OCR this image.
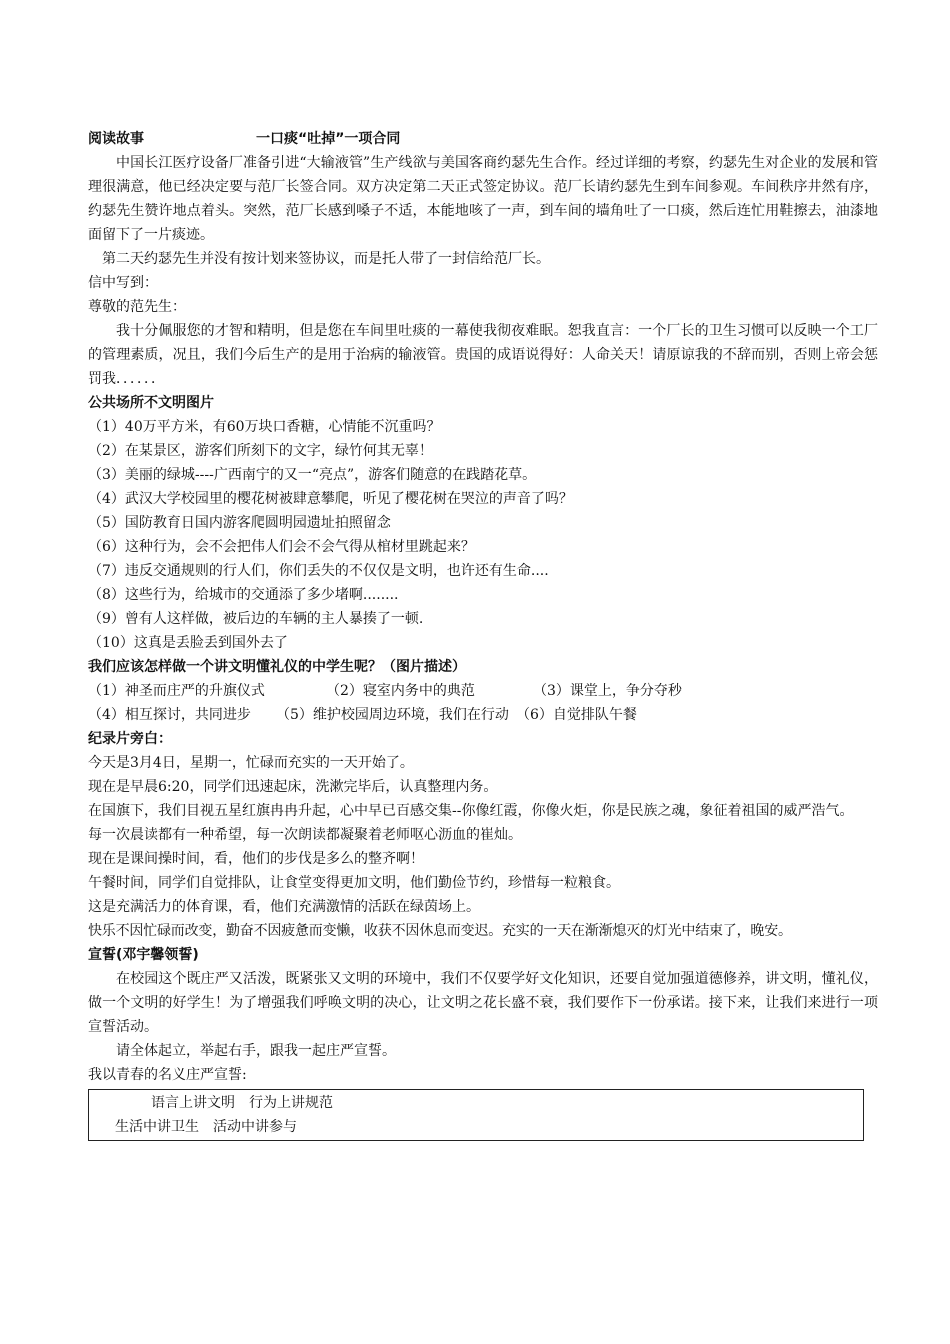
阅读故事	一口痰“吐掉”一项合同
中国长江医疗设备厂准备引进“大输液管”生产线欲与美国客商约瑟先生合作。经过详细的考察，约瑟先生对企业的发展和管理很满意，他已经决定要与范厂长签合同。双方决定第二天正式签定协议。范厂长请约瑟先生到车间参观。车间秩序井然有序，约瑟先生赞许地点着头。突然，范厂长感到嗓子不适，本能地咳了一声，到车间的墙角吐了一口痰，然后连忙用鞋擦去，油漆地面留下了一片痰迹。
第二天约瑟先生并没有按计划来签协议，而是托人带了一封信给范厂长。
信中写到：
尊敬的范先生：
我十分佩服您的才智和精明，但是您在车间里吐痰的一幕使我彻夜难眠。恕我直言：一个厂长的卫生习惯可以反映一个工厂的管理素质，况且，我们今后生产的是用于治病的输液管。贵国的成语说得好：人命关天！请原谅我的不辞而别，否则上帝会惩罚我．．．．．．
公共场所不文明图片
（1）40万平方米，有60万块口香糖，心情能不沉重吗？
（2）在某景区，游客们所刻下的文字，绿竹何其无辜！
（3）美丽的绿城----广西南宁的又一“亮点”，游客们随意的在践踏花草。
（4）武汉大学校园里的樱花树被肆意攀爬，听见了樱花树在哭泣的声音了吗？
（5）国防教育日国内游客爬圆明园遗址拍照留念
（6）这种行为，会不会把伟人们会不会气得从棺材里跳起来？
（7）违反交通规则的行人们，你们丢失的不仅仅是文明，也许还有生命....
（8）这些行为，给城市的交通添了多少堵啊........
（9）曾有人这样做，被后边的车辆的主人暴揍了一顿.
（10）这真是丢脸丢到国外去了
我们应该怎样做一个讲文明懂礼仪的中学生呢？（图片描述）
（1）神圣而庄严的升旗仪式	（2）寝室内务中的典范	（3）课堂上，争分夺秒
（4）相互探讨，共同进步	（5）维护校园周边环境，我们在行动 （6）自觉排队午餐
纪录片旁白：
今天是3月4日，星期一，忙碌而充实的一天开始了。
现在是早晨6:20，同学们迅速起床，洗漱完毕后，认真整理内务。
在国旗下，我们目视五星红旗冉冉升起，心中早已百感交集--你像红霞，你像火炬，你是民族之魂，象征着祖国的威严浩气。
每一次晨读都有一种希望，每一次朗读都凝聚着老师呕心沥血的崔灿。
现在是课间操时间，看，他们的步伐是多么的整齐啊！
午餐时间，同学们自觉排队，让食堂变得更加文明，他们勤俭节约，珍惜每一粒粮食。
这是充满活力的体育课，看，他们充满激情的活跃在绿茵场上。
快乐不因忙碌而改变，勤奋不因疲惫而变懒，收获不因休息而变迟。充实的一天在渐渐熄灭的灯光中结束了，晚安。
宣誓(邓宇馨领誓)
在校园这个既庄严又活泼，既紧张又文明的环境中，我们不仅要学好文化知识，还要自觉加强道德修养，讲文明，懂礼仪，做一个文明的好学生！为了增强我们呼唤文明的决心，让文明之花长盛不衰，我们要作下一份承诺。接下来，让我们来进行一项宣誓活动。
请全体起立，举起右手，跟我一起庄严宣誓。
我以青春的名义庄严宣誓:
语言上讲文明　行为上讲规范
生活中讲卫生　活动中讲参与
